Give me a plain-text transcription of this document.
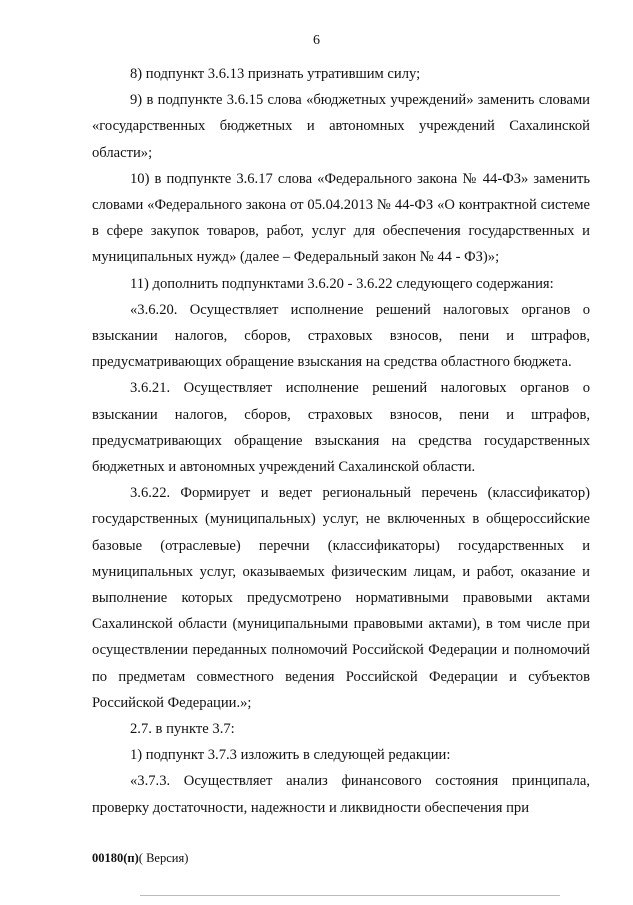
6

8) подпункт 3.6.13 признать утратившим силу;

9) в подпункте 3.6.15 слова «бюджетных учреждений» заменить словами «государственных бюджетных и автономных учреждений Сахалинской области»;

10) в подпункте 3.6.17 слова «Федерального закона № 44-ФЗ» заменить словами «Федерального закона от 05.04.2013 № 44-ФЗ «О контрактной системе в сфере закупок товаров, работ, услуг для обеспечения государственных и муниципальных нужд» (далее – Федеральный закон № 44 - ФЗ)»;

11) дополнить подпунктами 3.6.20 - 3.6.22 следующего содержания:

«3.6.20. Осуществляет исполнение решений налоговых органов о взыскании налогов, сборов, страховых взносов, пени и штрафов, предусматривающих обращение взыскания на средства областного бюджета.

3.6.21. Осуществляет исполнение решений налоговых органов о взыскании налогов, сборов, страховых взносов, пени и штрафов, предусматривающих обращение взыскания на средства государственных бюджетных и автономных учреждений Сахалинской области.

3.6.22. Формирует и ведет региональный перечень (классификатор) государственных (муниципальных) услуг, не включенных в общероссийские базовые (отраслевые) перечни (классификаторы) государственных и муниципальных услуг, оказываемых физическим лицам, и работ, оказание и выполнение которых предусмотрено нормативными правовыми актами Сахалинской области (муниципальными правовыми актами), в том числе при осуществлении переданных полномочий Российской Федерации и полномочий по предметам совместного ведения Российской Федерации и субъектов Российской Федерации.»;

2.7. в пункте 3.7:

1) подпункт 3.7.3 изложить в следующей редакции:

«3.7.3. Осуществляет анализ финансового состояния принципала, проверку достаточности, надежности и ликвидности обеспечения при

00180(п)( Версия)
